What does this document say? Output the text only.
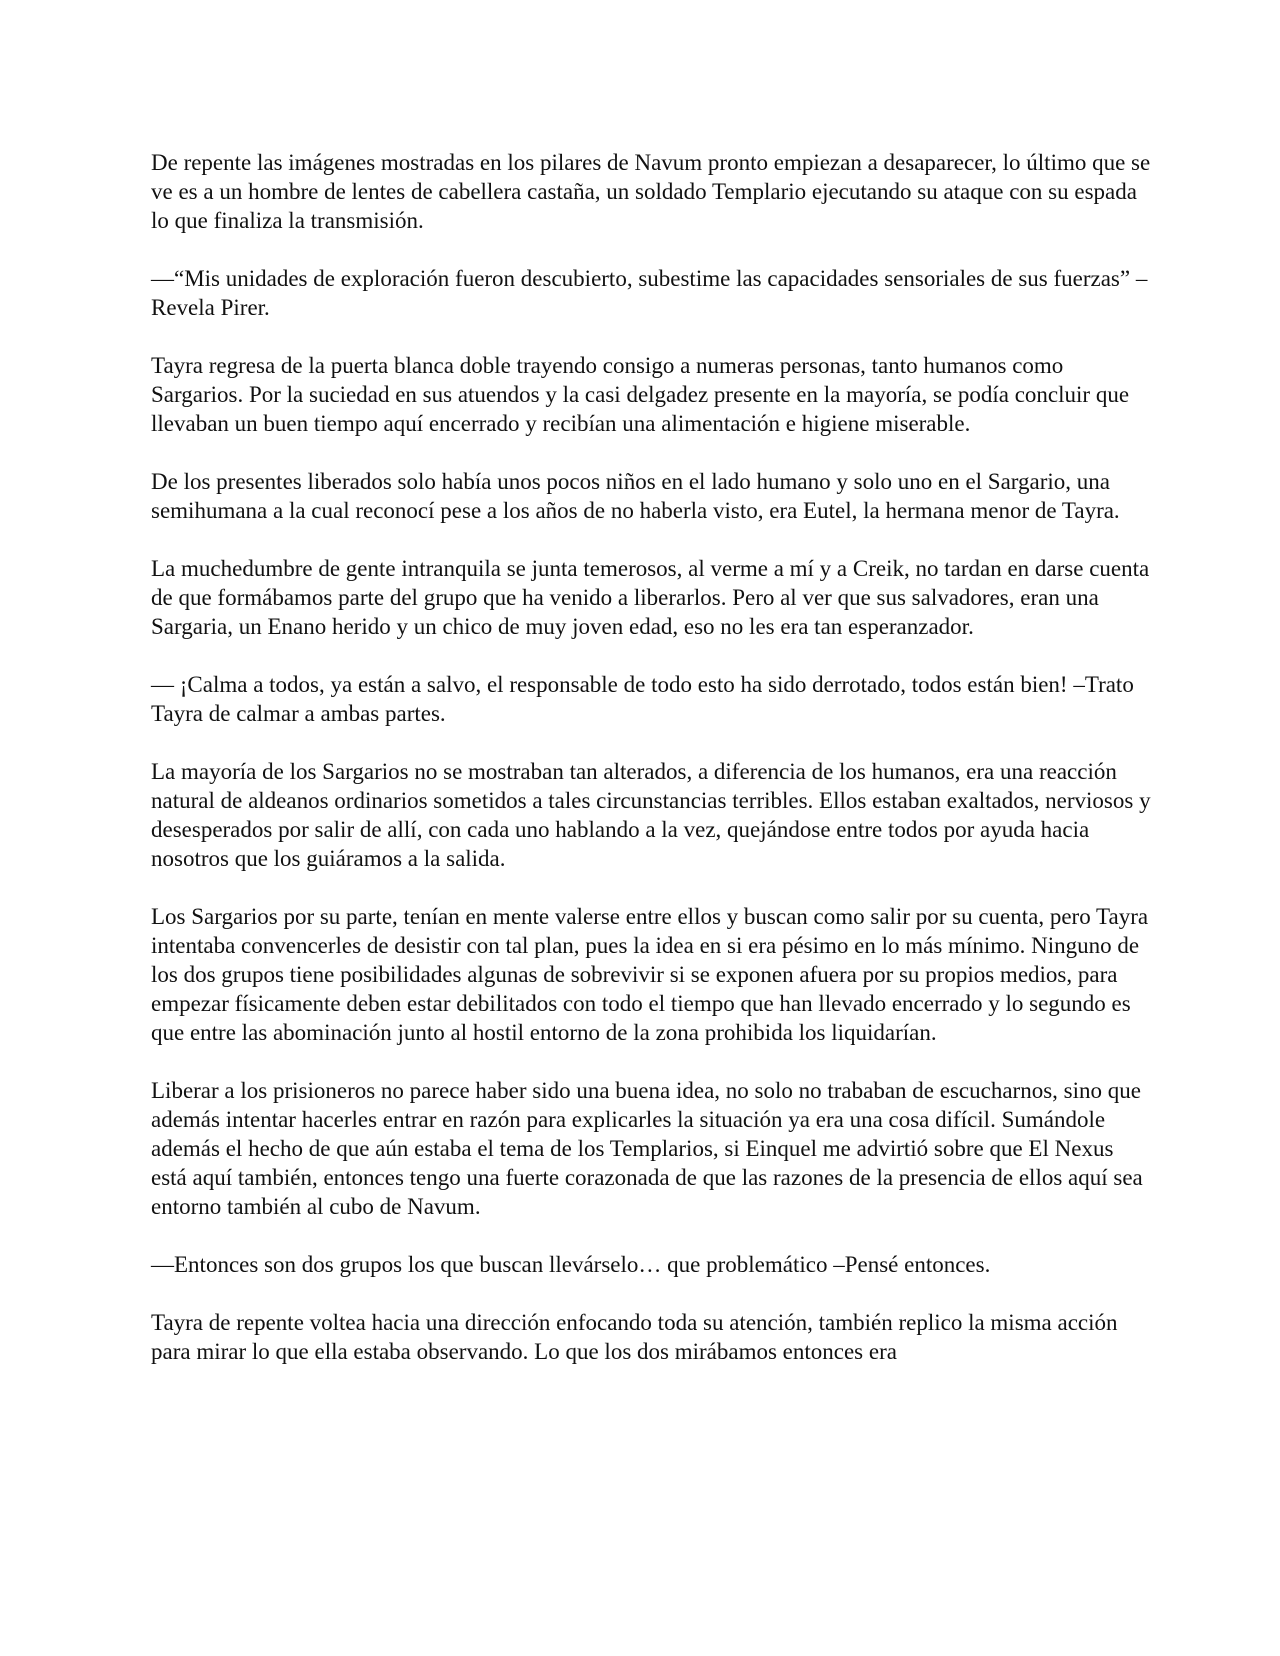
De repente las imágenes mostradas en los pilares de Navum pronto empiezan a desaparecer, lo último que se ve es a un hombre de lentes de cabellera castaña, un soldado Templario ejecutando su ataque con su espada lo que finaliza la transmisión.

—“Mis unidades de exploración fueron descubierto, subestime las capacidades sensoriales de sus fuerzas” –Revela Pirer.

Tayra regresa de la puerta blanca doble trayendo consigo a numeras personas, tanto humanos como Sargarios. Por la suciedad en sus atuendos y la casi delgadez presente en la mayoría, se podía concluir que llevaban un buen tiempo aquí encerrado y recibían una alimentación e higiene miserable.

De los presentes liberados solo había unos pocos niños en el lado humano y solo uno en el Sargario, una semihumana a la cual reconocí pese a los años de no haberla visto, era Eutel, la hermana menor de Tayra.

La muchedumbre de gente intranquila se junta temerosos, al verme a mí y a Creik, no tardan en darse cuenta de que formábamos parte del grupo que ha venido a liberarlos. Pero al ver que sus salvadores, eran una Sargaria, un Enano herido y un chico de muy joven edad, eso no les era tan esperanzador.

— ¡Calma a todos, ya están a salvo, el responsable de todo esto ha sido derrotado, todos están bien! –Trato Tayra de calmar a ambas partes.

La mayoría de los Sargarios no se mostraban tan alterados, a diferencia de los humanos, era una reacción natural de aldeanos ordinarios sometidos a tales circunstancias terribles. Ellos estaban exaltados, nerviosos y desesperados por salir de allí, con cada uno hablando a la vez, quejándose entre todos por ayuda hacia nosotros que los guiáramos a la salida.

Los Sargarios por su parte, tenían en mente valerse entre ellos y buscan como salir por su cuenta, pero Tayra intentaba convencerles de desistir con tal plan, pues la idea en si era pésimo en lo más mínimo. Ninguno de los dos grupos tiene posibilidades algunas de sobrevivir si se exponen afuera por su propios medios, para empezar físicamente deben estar debilitados con todo el tiempo que han llevado encerrado y lo segundo es que entre las abominación junto al hostil entorno de la zona prohibida los liquidarían.

Liberar a los prisioneros no parece haber sido una buena idea, no solo no trababan de escucharnos, sino que además intentar hacerles entrar en razón para explicarles la situación ya era una cosa difícil. Sumándole además el hecho de que aún estaba el tema de los Templarios, si Einquel me advirtió sobre que El Nexus está aquí también, entonces tengo una fuerte corazonada de que las razones de la presencia de ellos aquí sea entorno también al cubo de Navum.

—Entonces son dos grupos los que buscan llevárselo… que problemático –Pensé entonces.

Tayra de repente voltea hacia una dirección enfocando toda su atención, también replico la misma acción para mirar lo que ella estaba observando. Lo que los dos mirábamos entonces era
